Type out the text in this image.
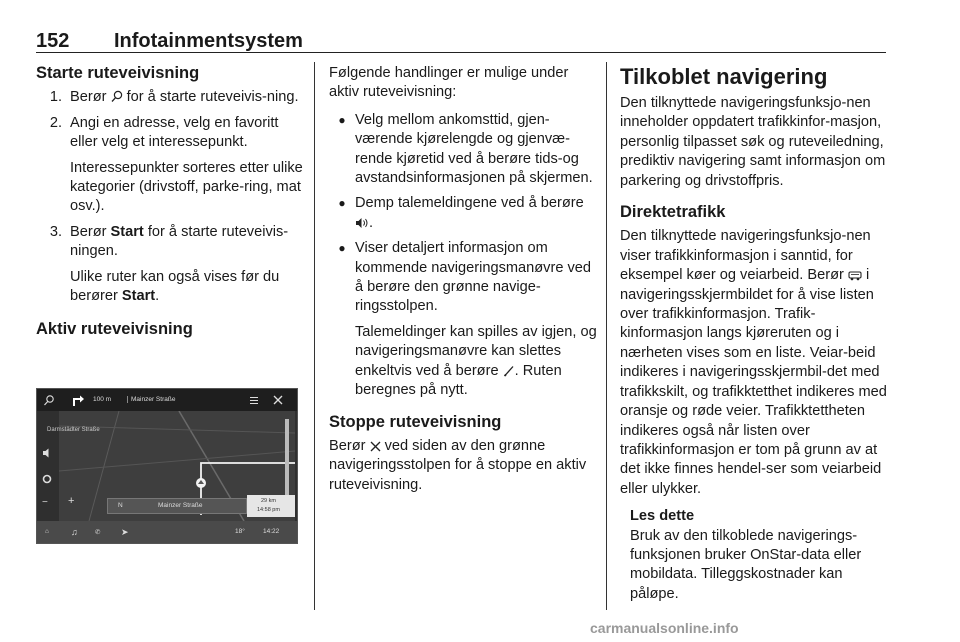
152 Infotainmentsystem
Starte ruteveivisning
1. Berør  for å starte ruteveivis-ning.
2. Angi en adresse, velg en favoritt eller velg et interessepunkt.
Interessepunkter sorteres etter ulike kategorier (drivstoff, parke-ring, mat osv.).
3. Berør Start for å starte ruteveivis-ningen.
Ulike ruter kan også vises før du berører Start.
Aktiv ruteveivisning
100 m	Mainzer Straße
Darmstädter Straße
− +	N	Mainzer Straße
29 km
14:58 pm
⌂ ♫	✆ ➤	18°	14:22

Følgende handlinger er mulige under aktiv ruteveivisning:

● Velg mellom ankomsttid, gjen-værende kjørelengde og gjenvæ-rende kjøretid ved å berøre tids-og avstandsinformasjonen på skjermen.
● Demp talemeldingene ved å berøre .
● Viser detaljert informasjon om kommende navigeringsmanøvre ved å berøre den grønne navige-ringsstolpen.
Talemeldinger kan spilles av igjen, og navigeringsmanøvre kan slettes enkeltvis ved å berøre . Ruten beregnes på nytt.
Stoppe ruteveivisning

Berør  ved siden av den grønne navigeringsstolpen for å stoppe en aktiv ruteveivisning.

Tilkoblet navigering

Den tilknyttede navigeringsfunksjo-nen inneholder oppdatert trafikkinfor-masjon, personlig tilpasset søk og ruteveiledning, prediktiv navigering samt informasjon om parkering og drivstoffpris.

Direktetrafikk

Den tilknyttede navigeringsfunksjo-nen viser trafikkinformasjon i sanntid, for eksempel køer og veiarbeid. Berør  i navigeringsskjermbildet for å vise listen over trafikkinformasjon. Trafik-kinformasjon langs kjøreruten og i nærheten vises som en liste. Veiar-beid indikeres i navigeringsskjermbil-det med trafikkskilt, og trafikktetthet indikeres med oransje og røde veier. Trafikktettheten indikeres også når listen over trafikkinformasjon er tom på grunn av at det ikke finnes hendel-ser som veiarbeid eller ulykker.

Les dette
Bruk av den tilkoblede navigerings-funksjonen bruker OnStar-data eller mobildata. Tilleggskostnader kan påløpe.
carmanualsonline.info
